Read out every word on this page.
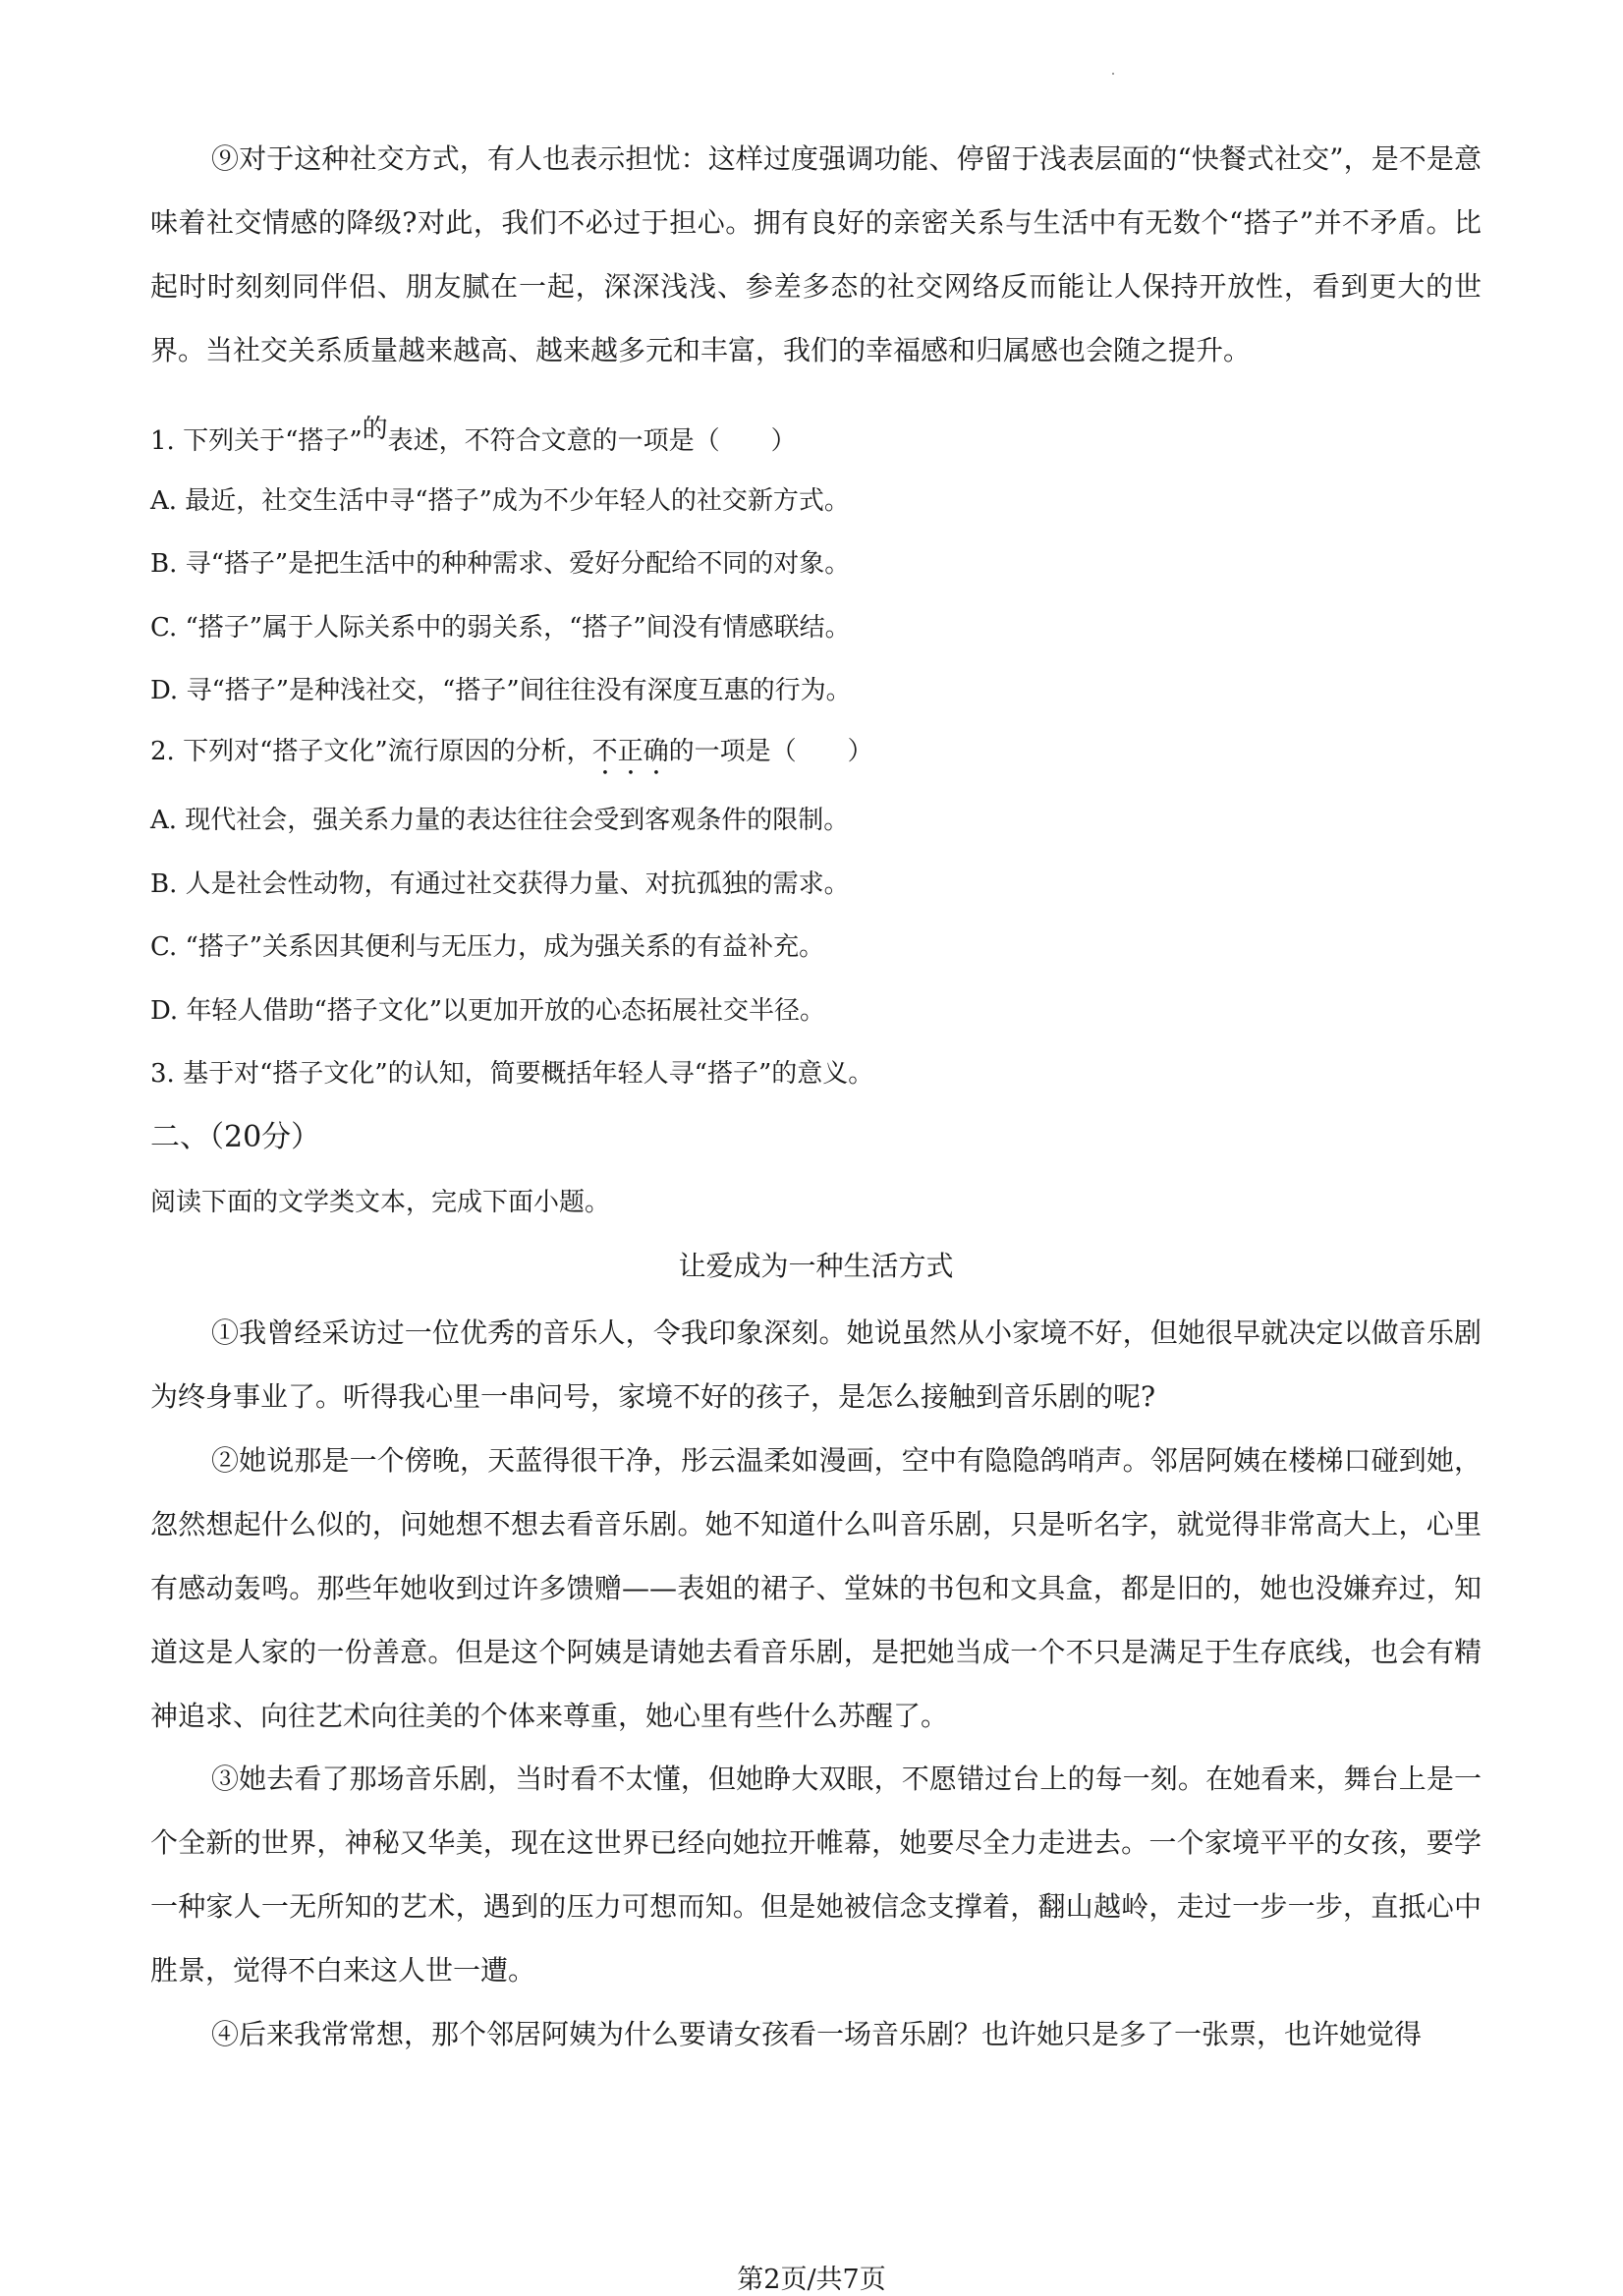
⑨对于这种社交方式，有人也表示担忧：这样过度强调功能、停留于浅表层面的“快餐式社交”，是不是意味着社交情感的降级?对此，我们不必过于担心。拥有良好的亲密关系与生活中有无数个“搭子”并不矛盾。比起时时刻刻同伴侣、朋友腻在一起，深深浅浅、参差多态的社交网络反而能让人保持开放性，看到更大的世界。当社交关系质量越来越高、越来越多元和丰富，我们的幸福感和归属感也会随之提升。

1. 下列关于“搭子”的表述，不符合文意的一项是（　　）
A. 最近，社交生活中寻“搭子”成为不少年轻人的社交新方式。
B. 寻“搭子”是把生活中的种种需求、爱好分配给不同的对象。
C. “搭子”属于人际关系中的弱关系，“搭子”间没有情感联结。
D. 寻“搭子”是种浅社交，“搭子”间往往没有深度互惠的行为。
2. 下列对“搭子文化”流行原因的分析，不正确的一项是（　　）
A. 现代社会，强关系力量的表达往往会受到客观条件的限制。
B. 人是社会性动物，有通过社交获得力量、对抗孤独的需求。
C. “搭子”关系因其便利与无压力，成为强关系的有益补充。
D. 年轻人借助“搭子文化”以更加开放的心态拓展社交半径。
3. 基于对“搭子文化”的认知，简要概括年轻人寻“搭子”的意义。
二、（20分）
阅读下面的文学类文本，完成下面小题。
让爱成为一种生活方式

①我曾经采访过一位优秀的音乐人，令我印象深刻。她说虽然从小家境不好，但她很早就决定以做音乐剧为终身事业了。听得我心里一串问号，家境不好的孩子，是怎么接触到音乐剧的呢?

②她说那是一个傍晚，天蓝得很干净，彤云温柔如漫画，空中有隐隐鸽哨声。邻居阿姨在楼梯口碰到她，忽然想起什么似的，问她想不想去看音乐剧。她不知道什么叫音乐剧，只是听名字，就觉得非常高大上，心里有感动轰鸣。那些年她收到过许多馈赠——表姐的裙子、堂妹的书包和文具盒，都是旧的，她也没嫌弃过，知道这是人家的一份善意。但是这个阿姨是请她去看音乐剧，是把她当成一个不只是满足于生存底线，也会有精神追求、向往艺术向往美的个体来尊重，她心里有些什么苏醒了。

③她去看了那场音乐剧，当时看不太懂，但她睁大双眼，不愿错过台上的每一刻。在她看来，舞台上是一个全新的世界，神秘又华美，现在这世界已经向她拉开帷幕，她要尽全力走进去。一个家境平平的女孩，要学一种家人一无所知的艺术，遇到的压力可想而知。但是她被信念支撑着，翻山越岭，走过一步一步，直抵心中胜景，觉得不白来这人世一遭。

④后来我常常想，那个邻居阿姨为什么要请女孩看一场音乐剧？也许她只是多了一张票，也许她觉得

第2页/共7页
